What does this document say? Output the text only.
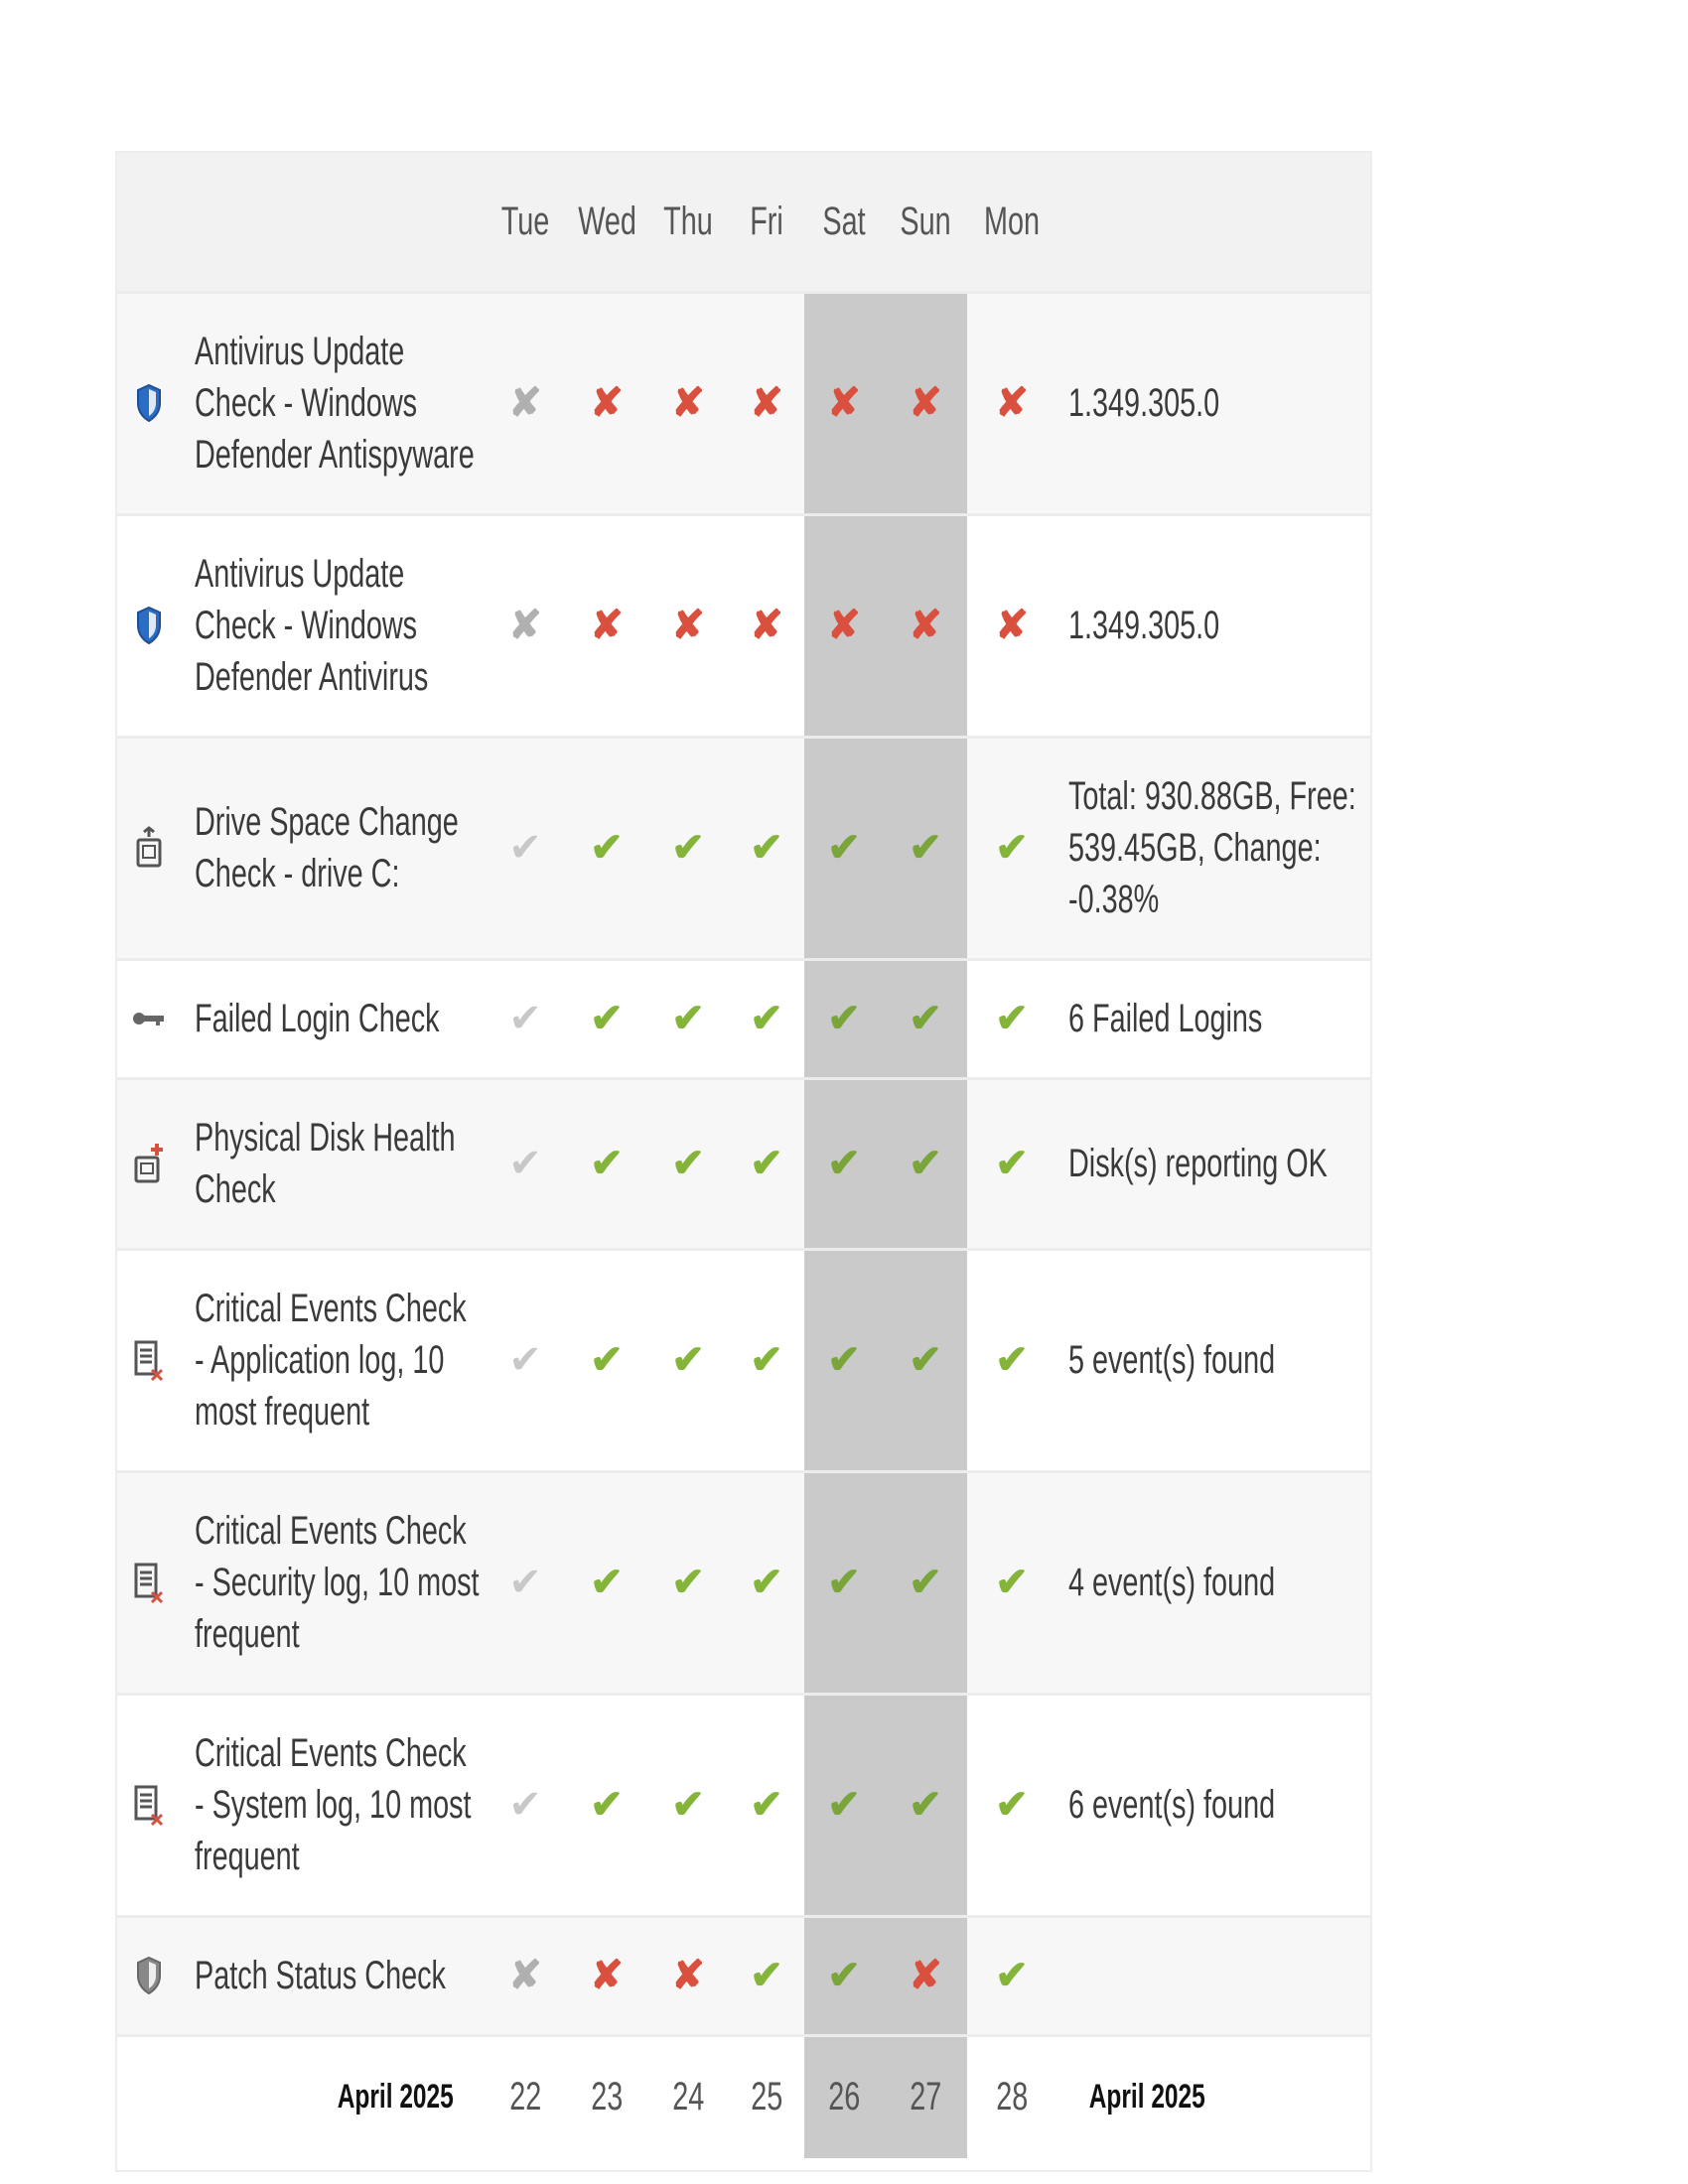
		Tue	Wed	Thu	Fri	Sat	Sun	Mon	

	Antivirus Update Check - Windows Defender Antispyware	✘	✘	✘	✘	✘	✘	✘	1.349.305.0

	Antivirus Update Check - Windows Defender Antivirus	✘	✘	✘	✘	✘	✘	✘	1.349.305.0

	Drive Space Change Check - drive C:	✔	✔	✔	✔	✔	✔	✔	Total: 930.88GB, Free: 539.45GB, Change: -0.38%

	Failed Login Check	✔	✔	✔	✔	✔	✔	✔	6 Failed Logins

	Physical Disk Health Check	✔	✔	✔	✔	✔	✔	✔	Disk(s) reporting OK

	Critical Events Check - Application log, 10 most frequent	✔	✔	✔	✔	✔	✔	✔	5 event(s) found

	Critical Events Check - Security log, 10 most frequent	✔	✔	✔	✔	✔	✔	✔	4 event(s) found

	Critical Events Check - System log, 10 most frequent	✔	✔	✔	✔	✔	✔	✔	6 event(s) found

	Patch Status Check	✘	✘	✘	✔	✔	✘	✔	
	April 2025	22	23	24	25	26	27	28	April 2025
